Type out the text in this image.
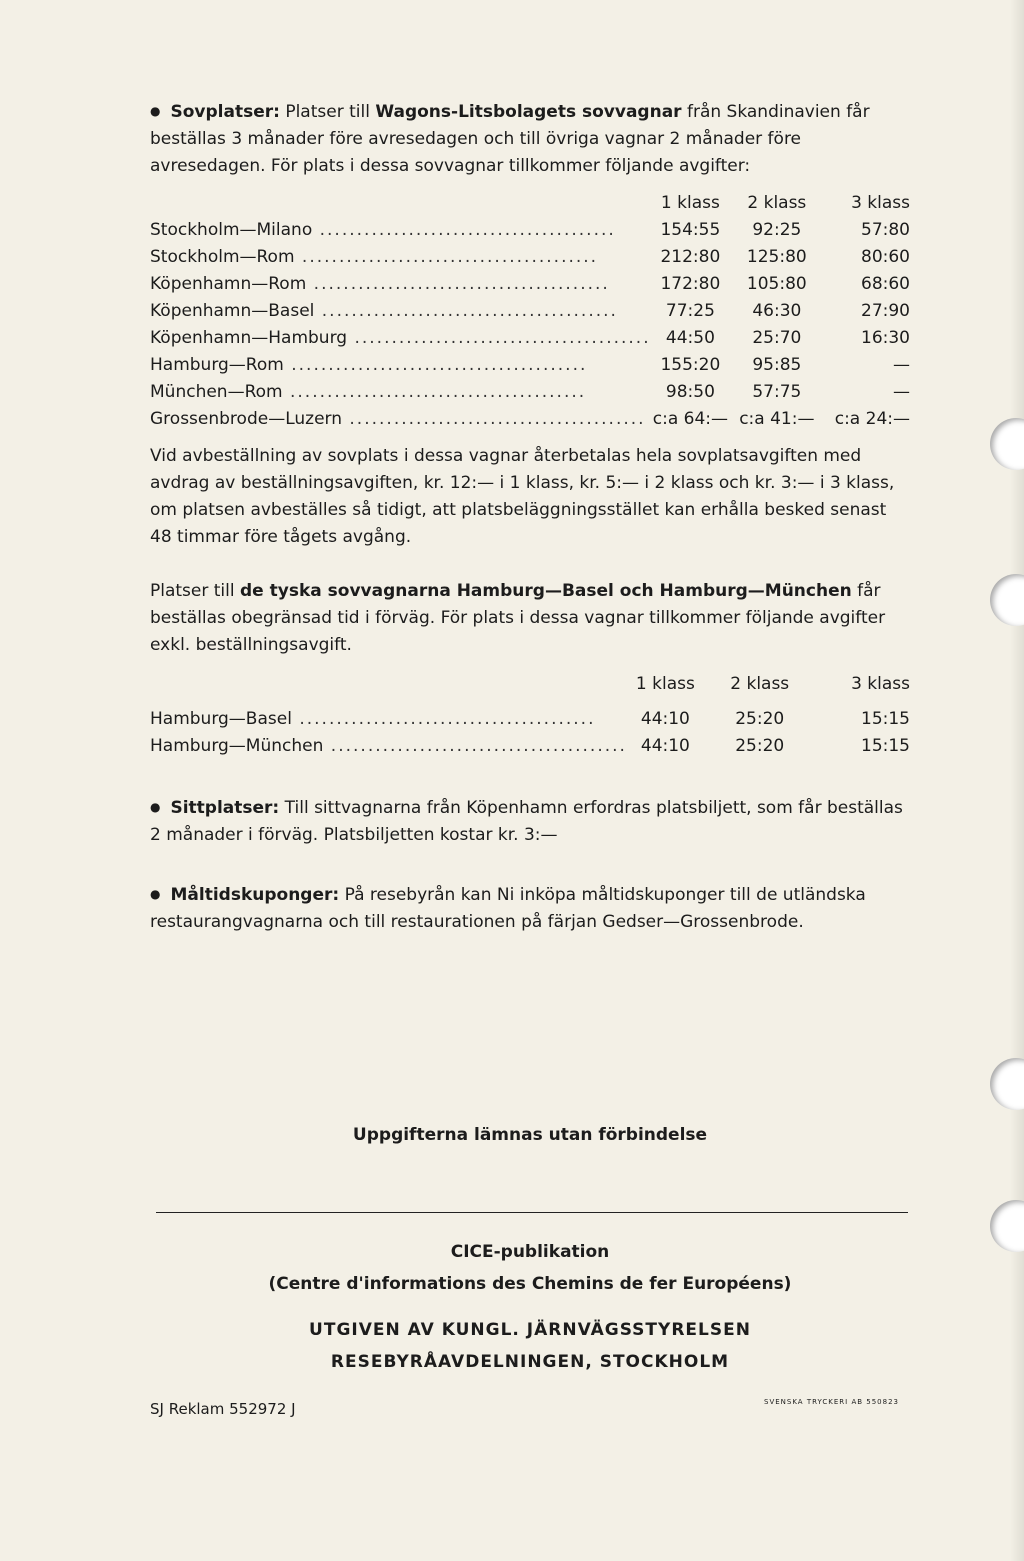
● Sovplatser: Platser till Wagons-Litsbolagets sovvagnar från Skandinavien får beställas 3 månader före avresedagen och till övriga vagnar 2 månader före avresedagen. För plats i dessa sovvagnar tillkommer följande avgifter:

	1 klass	2 klass	3 klass
Stockholm—Milano ........................................	154:55	92:25	57:80
Stockholm—Rom ........................................	212:80	125:80	80:60
Köpenhamn—Rom ........................................	172:80	105:80	68:60
Köpenhamn—Basel ........................................	77:25	46:30	27:90
Köpenhamn—Hamburg ........................................	44:50	25:70	16:30
Hamburg—Rom ........................................	155:20	95:85	—
München—Rom ........................................	98:50	57:75	—
Grossenbrode—Luzern ........................................	c:a 64:—	c:a 41:—	c:a 24:—

Vid avbeställning av sovplats i dessa vagnar återbetalas hela sovplatsavgiften med avdrag av beställningsavgiften, kr. 12:— i 1 klass, kr. 5:— i 2 klass och kr. 3:— i 3 klass, om platsen avbeställes så tidigt, att platsbeläggningsstället kan erhålla besked senast 48 timmar före tågets avgång.

Platser till de tyska sovvagnarna Hamburg—Basel och Hamburg—München får beställas obegränsad tid i förväg. För plats i dessa vagnar tillkommer följande avgifter exkl. beställningsavgift.

	1 klass	2 klass	3 klass

Hamburg—Basel ........................................	44:10	25:20	15:15
Hamburg—München ........................................	44:10	25:20	15:15

● Sittplatser: Till sittvagnarna från Köpenhamn erfordras platsbiljett, som får beställas 2 månader i förväg. Platsbiljetten kostar kr. 3:—

● Måltidskuponger: På resebyrån kan Ni inköpa måltidskuponger till de utländska restaurangvagnarna och till restaurationen på färjan Gedser—Grossenbrode.

Uppgifterna lämnas utan förbindelse

CICE-publikation
(Centre d'informations des Chemins de fer Européens)
UTGIVEN AV KUNGL. JÄRNVÄGSSTYRELSEN
RESEBYRÅAVDELNINGEN, STOCKHOLM
SJ Reklam 552972 J	SVENSKA TRYCKERI AB 550823
